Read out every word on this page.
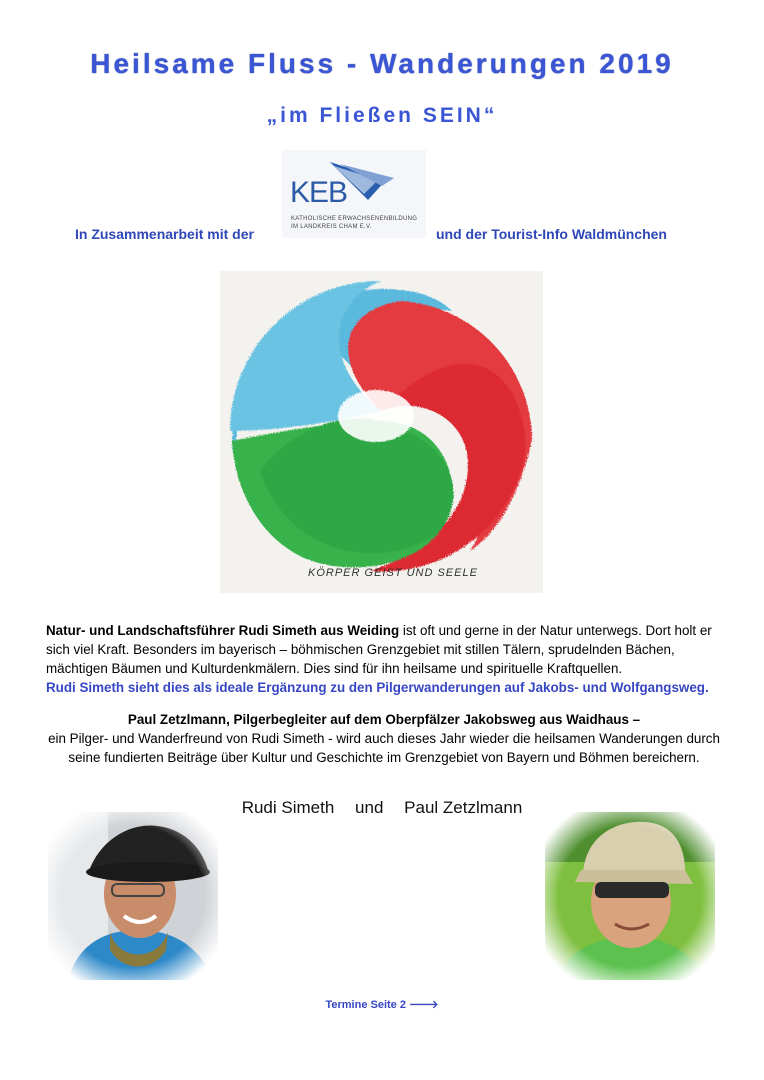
Heilsame Fluss - Wanderungen 2019
„im Fließen SEIN“
In Zusammenarbeit mit der
KEB
KATHOLISCHE ERWACHSENENBILDUNG
IM LANDKREIS CHAM E.V.	und der Tourist-Info Waldmünchen
KÖRPER GEIST UND SEELE
Natur- und Landschaftsführer Rudi Simeth aus Weiding ist oft und gerne in der Natur unterwegs. Dort holt er sich viel Kraft. Besonders im bayerisch – böhmischen Grenzgebiet mit stillen Tälern, sprudelnden Bächen, mächtigen Bäumen und Kulturdenkmälern. Dies sind für ihn heilsame und spirituelle Kraftquellen.
Rudi Simeth sieht dies als ideale Ergänzung zu den Pilgerwanderungen auf Jakobs- und Wolfgangsweg.
Paul Zetzlmann, Pilgerbegleiter auf dem Oberpfälzer Jakobsweg aus Waidhaus –
ein Pilger- und Wanderfreund von Rudi Simeth - wird auch dieses Jahr wieder die heilsamen Wanderungen durch seine fundierten Beiträge über Kultur und Geschichte im Grenzgebiet von Bayern und Böhmen bereichern.
Rudi Simeth und Paul Zetzlmann
Termine Seite 2 🡒
